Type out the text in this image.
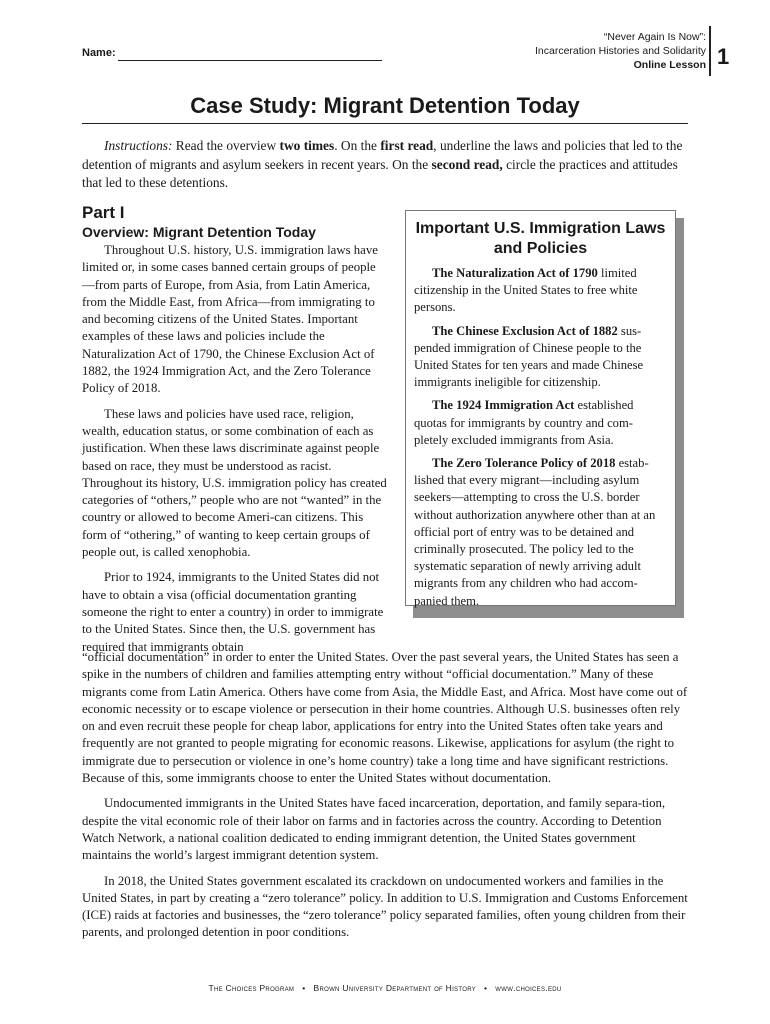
Name:
“Never Again Is Now”:
Incarceration Histories and Solidarity
Online Lesson 1
Case Study: Migrant Detention Today

Instructions: Read the overview two times. On the first read, underline the laws and policies that led to the detention of migrants and asylum seekers in recent years. On the second read, circle the practices and attitudes that led to these detentions.

Part I
Overview: Migrant Detention Today

Throughout U.S. history, U.S. immigration laws have limited or, in some cases banned certain groups of people—from parts of Europe, from Asia, from Latin America, from the Middle East, from Africa—from immigrating to and becoming citizens of the United States. Important examples of these laws and policies include the Naturalization Act of 1790, the Chinese Exclusion Act of 1882, the 1924 Immigration Act, and the Zero Tolerance Policy of 2018.

These laws and policies have used race, religion, wealth, education status, or some combination of each as justification. When these laws discriminate against people based on race, they must be understood as racist. Throughout its history, U.S. immigration policy has created categories of “others,” people who are not “wanted” in the country or allowed to become Ameri-can citizens. This form of “othering,” of wanting to keep certain groups of people out, is called xenophobia.

Prior to 1924, immigrants to the United States did not have to obtain a visa (official documentation granting someone the right to enter a country) in order to immigrate to the United States. Since then, the U.S. government has required that immigrants obtain

Important U.S. Immigration Laws and Policies

The Naturalization Act of 1790 limited citizenship in the United States to free white persons.

The Chinese Exclusion Act of 1882 sus-pended immigration of Chinese people to the United States for ten years and made Chinese immigrants ineligible for citizenship.

The 1924 Immigration Act established quotas for immigrants by country and com-pletely excluded immigrants from Asia.

The Zero Tolerance Policy of 2018 estab-lished that every migrant—including asylum seekers—attempting to cross the U.S. border without authorization anywhere other than at an official port of entry was to be detained and criminally prosecuted. The policy led to the systematic separation of newly arriving adult migrants from any children who had accom-panied them.

“official documentation” in order to enter the United States. Over the past several years, the United States has seen a spike in the numbers of children and families attempting entry without “official documentation.” Many of these migrants come from Latin America. Others have come from Asia, the Middle East, and Africa. Most have come out of economic necessity or to escape violence or persecution in their home countries. Although U.S. businesses often rely on and even recruit these people for cheap labor, applications for entry into the United States often take years and frequently are not granted to people migrating for economic reasons. Likewise, applications for asylum (the right to immigrate due to persecution or violence in one’s home country) take a long time and have significant restrictions. Because of this, some immigrants choose to enter the United States without documentation.

Undocumented immigrants in the United States have faced incarceration, deportation, and family separa-tion, despite the vital economic role of their labor on farms and in factories across the country. According to Detention Watch Network, a national coalition dedicated to ending immigrant detention, the United States government maintains the world’s largest immigrant detention system.

In 2018, the United States government escalated its crackdown on undocumented workers and families in the United States, in part by creating a “zero tolerance” policy. In addition to U.S. Immigration and Customs Enforcement (ICE) raids at factories and businesses, the “zero tolerance” policy separated families, often young children from their parents, and prolonged detention in poor conditions.

The Choices Program • Brown University Department of History • www.choices.edu
